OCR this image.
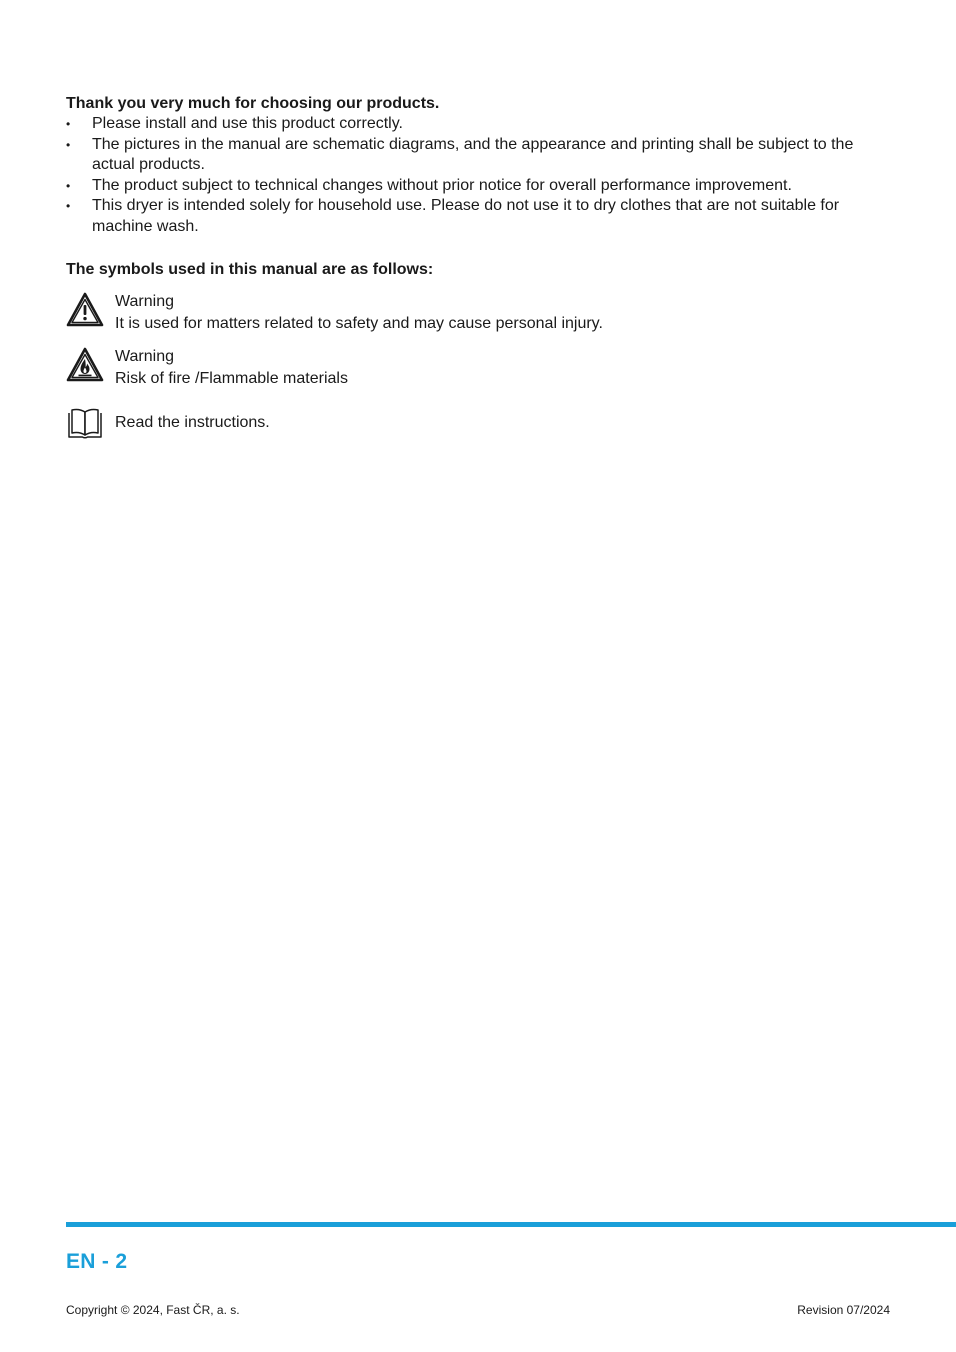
Thank you very much for choosing our products.

• Please install and use this product correctly.
• The pictures in the manual are schematic diagrams, and the appearance and printing shall be subject to the actual products.
• The product subject to technical changes without prior notice for overall performance improvement.
• This dryer is intended solely for household use. Please do not use it to dry clothes that are not suitable for machine wash.

The symbols used in this manual are as follows:

Warning
It is used for matters related to safety and may cause personal injury.
Warning
Risk of fire /Flammable materials
Read the instructions.
EN - 2
Copyright © 2024, Fast ČR, a. s.	Revision 07/2024
